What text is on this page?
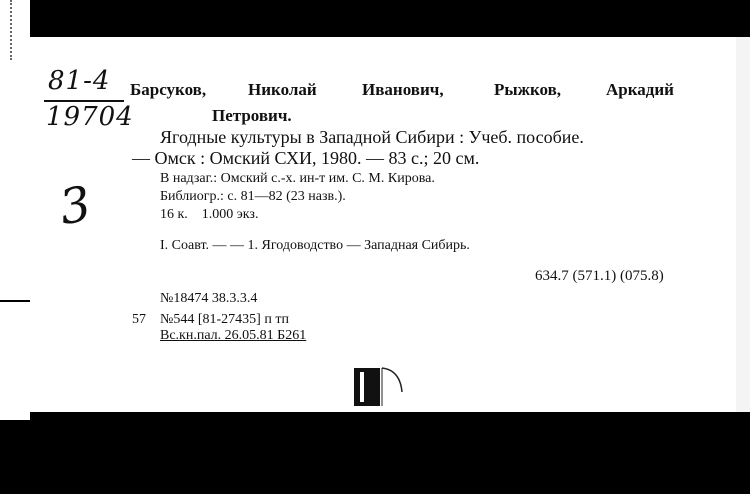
81-4
19704
3
Барсуков, Николай	Иванович,	Рыжков,	Аркадий
Петрович.
Ягодные культуры в Западной Сибири : Учеб. пособие.
— Омск : Омский СХИ, 1980. — 83 с.; 20 см.
В надзаг.: Омский с.-х. ин-т им. С. М. Кирова.
Библиогр.: с. 81—82 (23 назв.).
16 к.    1.000 экз.
I. Соавт. — — 1. Ягодоводство — Западная Сибирь.
634.7 (571.1) (075.8)
№18474 38.3.3.4
57 №544 [81-27435] п тп
Вс.кн.пал. 26.05.81 Б261
